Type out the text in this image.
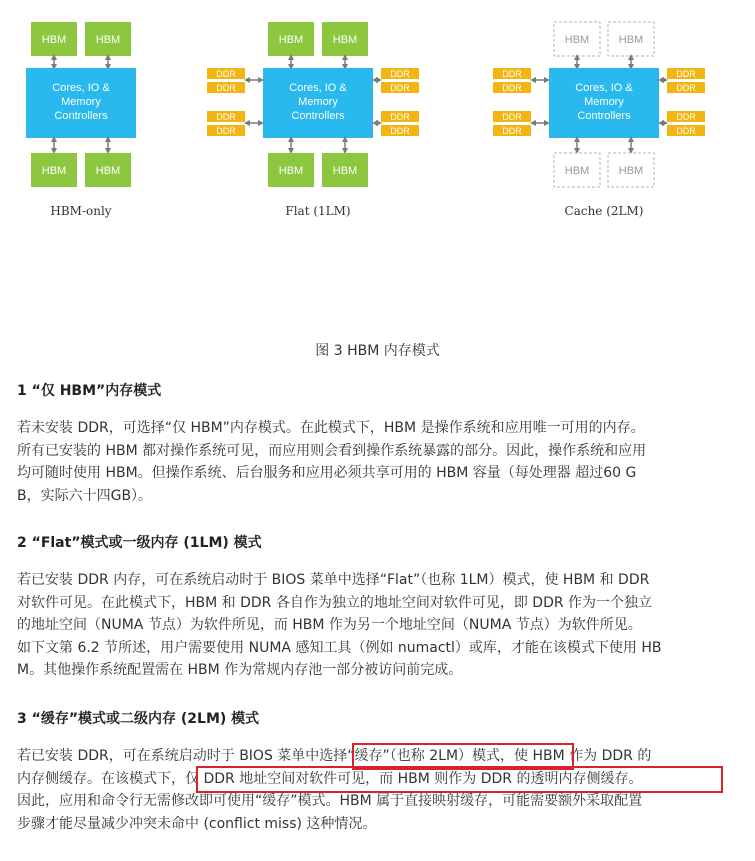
HBM	HBM
Cores, IO &
Memory
Controllers
HBM	HBM
HBM	HBM
Cores, IO &
Memory
Controllers
HBM	HBM
DDR
DDR
DDR
DDR
DDR
DDR
DDR
DDR
HBM	HBM
Cores, IO &
Memory
Controllers
HBM	HBM
DDR
DDR
DDR
DDR
DDR
DDR
DDR
DDR
HBM-only	Flat (1LM)	Cache (2LM)
图 3 HBM 内存模式
1 “仅 HBM”内存模式
若未安装 DDR，可选择“仅 HBM”内存模式。在此模式下，HBM 是操作系统和应用唯一可用的内存。
所有已安装的 HBM 都对操作系统可见，而应用则会看到操作系统暴露的部分。因此，操作系统和应用
均可随时使用 HBM。但操作系统、后台服务和应用必须共享可用的 HBM 容量（每处理器 超过60 G
B，实际六十四GB）。
2 “Flat”模式或一级内存 (1LM) 模式
若已安装 DDR 内存，可在系统启动时于 BIOS 菜单中选择“Flat”（也称 1LM）模式，使 HBM 和 DDR
对软件可见。在此模式下，HBM 和 DDR 各自作为独立的地址空间对软件可见，即 DDR 作为一个独立
的地址空间（NUMA 节点）为软件所见，而 HBM 作为另一个地址空间（NUMA 节点）为软件所见。
如下文第 6.2 节所述，用户需要使用 NUMA 感知工具（例如 numactl）或库，才能在该模式下使用 HB
M。其他操作系统配置需在 HBM 作为常规内存池一部分被访问前完成。
3 “缓存”模式或二级内存 (2LM) 模式
若已安装 DDR，可在系统启动时于 BIOS 菜单中选择“缓存”（也称 2LM）模式，使 HBM 作为 DDR 的
内存侧缓存。在该模式下，仅 DDR 地址空间对软件可见，而 HBM 则作为 DDR 的透明内存侧缓存。
因此，应用和命令行无需修改即可使用“缓存”模式。HBM 属于直接映射缓存，可能需要额外采取配置
步骤才能尽量减少冲突未命中 (conflict miss) 这种情况。
